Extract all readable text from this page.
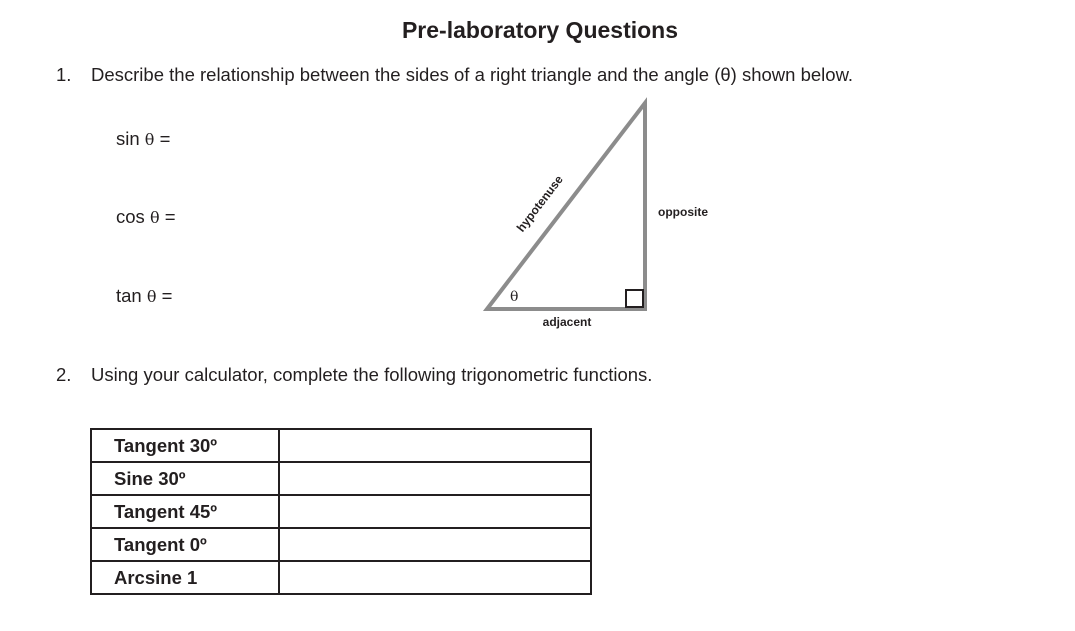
Pre-laboratory Questions
1. Describe the relationship between the sides of a right triangle and the angle (θ) shown below.
sin θ =
cos θ =
tan θ =
hypotenuse	opposite
adjacent
θ
2. Using your calculator, complete the following trigonometric functions.
Tangent 30º	
Sine 30º	
Tangent 45º	
Tangent 0º	
Arcsine 1	
